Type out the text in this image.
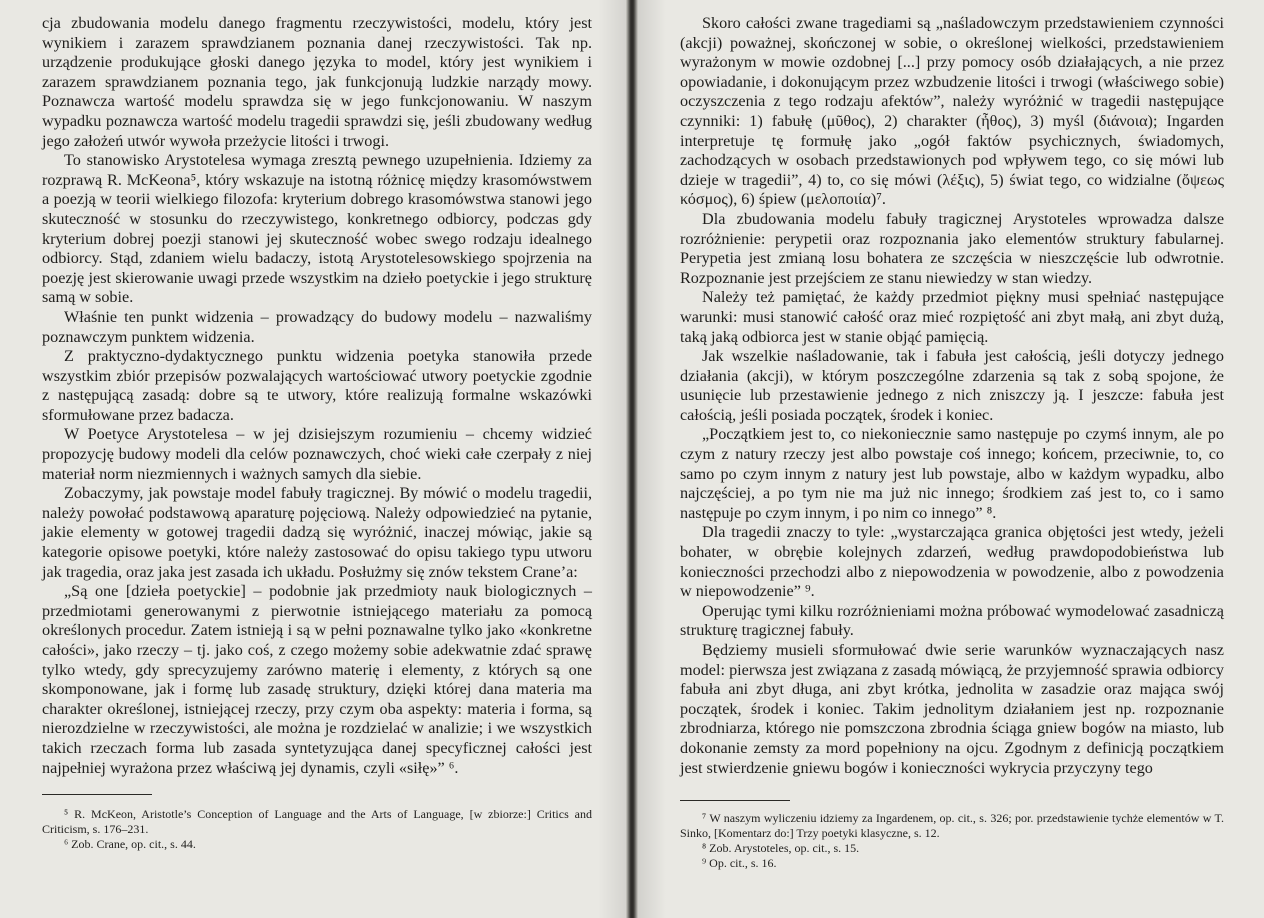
cja zbudowania modelu danego fragmentu rzeczywistości, modelu, który jest wynikiem i zarazem sprawdzianem poznania danej rzeczywistości. Tak np. urządzenie produkujące głoski danego języka to model, który jest wynikiem i zarazem sprawdzianem poznania tego, jak funkcjonują ludzkie narządy mowy. Poznawcza wartość modelu sprawdza się w jego funkcjonowaniu. W naszym wypadku poznawcza wartość modelu tragedii sprawdzi się, jeśli zbudowany według jego założeń utwór wywoła przeżycie litości i trwogi.

To stanowisko Arystotelesa wymaga zresztą pewnego uzupełnienia. Idziemy za rozprawą R. McKeona⁵, który wskazuje na istotną różnicę między krasomówstwem a poezją w teorii wielkiego filozofa: kryterium dobrego krasomówstwa stanowi jego skuteczność w stosunku do rzeczywistego, konkretnego odbiorcy, podczas gdy kryterium dobrej poezji stanowi jej skuteczność wobec swego rodzaju idealnego odbiorcy. Stąd, zdaniem wielu badaczy, istotą Arystotelesowskiego spojrzenia na poezję jest skierowanie uwagi przede wszystkim na dzieło poetyckie i jego strukturę samą w sobie.

Właśnie ten punkt widzenia – prowadzący do budowy modelu – nazwaliśmy poznawczym punktem widzenia.

Z praktyczno-dydaktycznego punktu widzenia poetyka stanowiła przede wszystkim zbiór przepisów pozwalających wartościować utwory poetyckie zgodnie z następującą zasadą: dobre są te utwory, które realizują formalne wskazówki sformułowane przez badacza.

W Poetyce Arystotelesa – w jej dzisiejszym rozumieniu – chcemy widzieć propozycję budowy modeli dla celów poznawczych, choć wieki całe czerpały z niej materiał norm niezmiennych i ważnych samych dla siebie.

Zobaczymy, jak powstaje model fabuły tragicznej. By mówić o modelu tragedii, należy powołać podstawową aparaturę pojęciową. Należy odpowiedzieć na pytanie, jakie elementy w gotowej tragedii dadzą się wyróżnić, inaczej mówiąc, jakie są kategorie opisowe poetyki, które należy zastosować do opisu takiego typu utworu jak tragedia, oraz jaka jest zasada ich układu. Posłużmy się znów tekstem Crane’a:

„Są one [dzieła poetyckie] – podobnie jak przedmioty nauk biologicznych – przedmiotami generowanymi z pierwotnie istniejącego materiału za pomocą określonych procedur. Zatem istnieją i są w pełni poznawalne tylko jako «konkretne całości», jako rzeczy – tj. jako coś, z czego możemy sobie adekwatnie zdać sprawę tylko wtedy, gdy sprecyzujemy zarówno materię i elementy, z których są one skomponowane, jak i formę lub zasadę struktury, dzięki której dana materia ma charakter określonej, istniejącej rzeczy, przy czym oba aspekty: materia i forma, są nierozdzielne w rzeczywistości, ale można je rozdzielać w analizie; i we wszystkich takich rzeczach forma lub zasada syntetyzująca danej specyficznej całości jest najpełniej wyrażona przez właściwą jej dynamis, czyli «siłę»” ⁶.

⁵ R. McKeon, Aristotle’s Conception of Language and the Arts of Language, [w zbiorze:] Critics and Criticism, s. 176–231.

⁶ Zob. Crane, op. cit., s. 44.

Skoro całości zwane tragediami są „naśladowczym przedstawieniem czynności (akcji) poważnej, skończonej w sobie, o określonej wielkości, przedstawieniem wyrażonym w mowie ozdobnej [...] przy pomocy osób działających, a nie przez opowiadanie, i dokonującym przez wzbudzenie litości i trwogi (właściwego sobie) oczyszczenia z tego rodzaju afektów”, należy wyróżnić w tragedii następujące czynniki: 1) fabułę (μῦθος), 2) charakter (ἦθος), 3) myśl (διάνοια); Ingarden interpretuje tę formułę jako „ogół faktów psychicznych, świadomych, zachodzących w osobach przedstawionych pod wpływem tego, co się mówi lub dzieje w tragedii”, 4) to, co się mówi (λέξις), 5) świat tego, co widzialne (ὄψεως κόσμος), 6) śpiew (μελοποιία)⁷.

Dla zbudowania modelu fabuły tragicznej Arystoteles wprowadza dalsze rozróżnienie: perypetii oraz rozpoznania jako elementów struktury fabularnej. Perypetia jest zmianą losu bohatera ze szczęścia w nieszczęście lub odwrotnie. Rozpoznanie jest przejściem ze stanu niewiedzy w stan wiedzy.

Należy też pamiętać, że każdy przedmiot piękny musi spełniać następujące warunki: musi stanowić całość oraz mieć rozpiętość ani zbyt małą, ani zbyt dużą, taką jaką odbiorca jest w stanie objąć pamięcią.

Jak wszelkie naśladowanie, tak i fabuła jest całością, jeśli dotyczy jednego działania (akcji), w którym poszczególne zdarzenia są tak z sobą spojone, że usunięcie lub przestawienie jednego z nich zniszczy ją. I jeszcze: fabuła jest całością, jeśli posiada początek, środek i koniec.

„Początkiem jest to, co niekoniecznie samo następuje po czymś innym, ale po czym z natury rzeczy jest albo powstaje coś innego; końcem, przeciwnie, to, co samo po czym innym z natury jest lub powstaje, albo w każdym wypadku, albo najczęściej, a po tym nie ma już nic innego; środkiem zaś jest to, co i samo następuje po czym innym, i po nim co innego” ⁸.

Dla tragedii znaczy to tyle: „wystarczająca granica objętości jest wtedy, jeżeli bohater, w obrębie kolejnych zdarzeń, według prawdopodobieństwa lub konieczności przechodzi albo z niepowodzenia w powodzenie, albo z powodzenia w niepowodzenie” ⁹.

Operując tymi kilku rozróżnieniami można próbować wymodelować zasadniczą strukturę tragicznej fabuły.

Będziemy musieli sformułować dwie serie warunków wyznaczających nasz model: pierwsza jest związana z zasadą mówiącą, że przyjemność sprawia odbiorcy fabuła ani zbyt długa, ani zbyt krótka, jednolita w zasadzie oraz mająca swój początek, środek i koniec. Takim jednolitym działaniem jest np. rozpoznanie zbrodniarza, którego nie pomszczona zbrodnia ściąga gniew bogów na miasto, lub dokonanie zemsty za mord popełniony na ojcu. Zgodnym z definicją początkiem jest stwierdzenie gniewu bogów i konieczności wykrycia przyczyny tego

⁷ W naszym wyliczeniu idziemy za Ingardenem, op. cit., s. 326; por. przedstawienie tychże elementów w T. Sinko, [Komentarz do:] Trzy poetyki klasyczne, s. 12.

⁸ Zob. Arystoteles, op. cit., s. 15.

⁹ Op. cit., s. 16.
